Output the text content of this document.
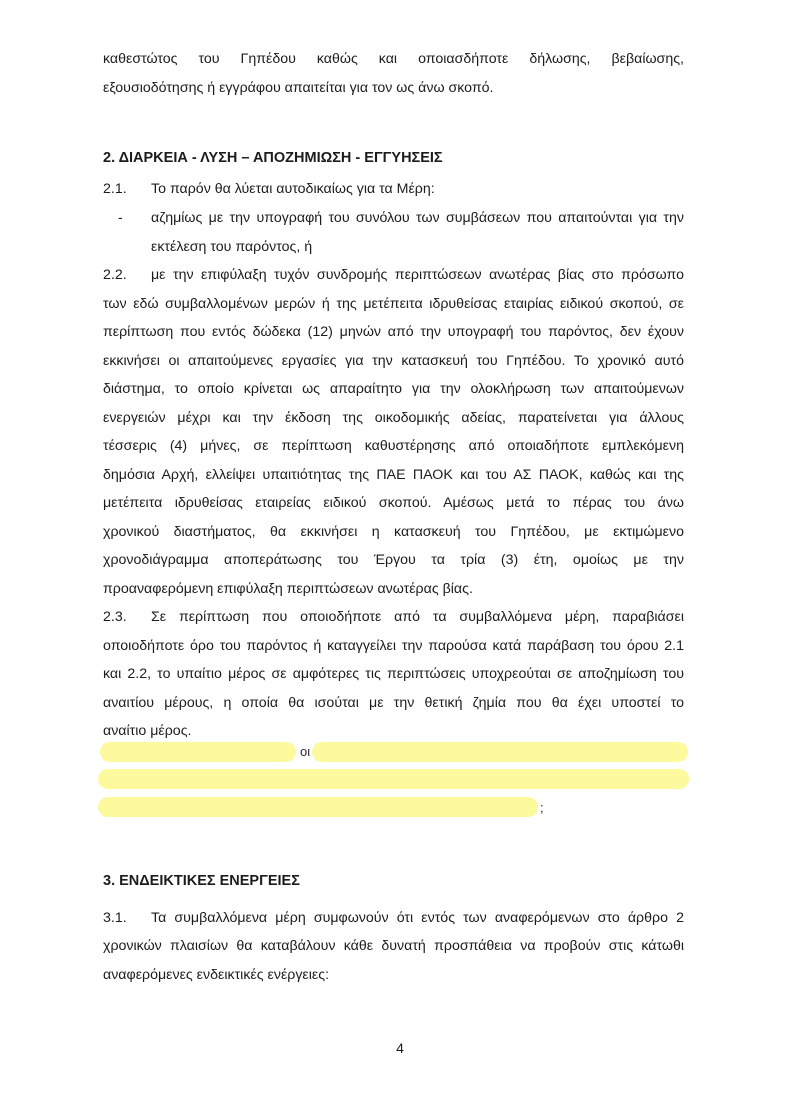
καθεστώτος του Γηπέδου καθώς και οποιασδήποτε δήλωσης, βεβαίωσης,
εξουσιοδότησης ή εγγράφου απαιτείται για τον ως άνω σκοπό.
2. ΔΙΑΡΚΕΙΑ - ΛΥΣΗ – ΑΠΟΖΗΜΙΩΣΗ - ΕΓΓΥΗΣΕΙΣ
2.1. Το παρόν θα λύεται αυτοδικαίως για τα Μέρη:
- αζημίως με την υπογραφή του συνόλου των συμβάσεων που απαιτούνται για την
εκτέλεση του παρόντος, ή
2.2. με την επιφύλαξη τυχόν συνδρομής περιπτώσεων ανωτέρας βίας στο πρόσωπο
των εδώ συμβαλλομένων μερών ή της μετέπειτα ιδρυθείσας εταιρίας ειδικού σκοπού, σε
περίπτωση που εντός δώδεκα (12) μηνών από την υπογραφή του παρόντος, δεν έχουν
εκκινήσει οι απαιτούμενες εργασίες για την κατασκευή του Γηπέδου. Το χρονικό αυτό
διάστημα, το οποίο κρίνεται ως απαραίτητο για την ολοκλήρωση των απαιτούμενων
ενεργειών μέχρι και την έκδοση της οικοδομικής αδείας, παρατείνεται για άλλους
τέσσερις (4) μήνες, σε περίπτωση καθυστέρησης από οποιαδήποτε εμπλεκόμενη
δημόσια Αρχή, ελλείψει υπαιτιότητας της ΠΑΕ ΠΑΟΚ και του ΑΣ ΠΑΟΚ, καθώς και της
μετέπειτα ιδρυθείσας εταιρείας ειδικού σκοπού. Αμέσως μετά το πέρας του άνω
χρονικού διαστήματος, θα εκκινήσει η κατασκευή του Γηπέδου, με εκτιμώμενο
χρονοδιάγραμμα αποπεράτωσης του Έργου τα τρία (3) έτη, ομοίως με την
προαναφερόμενη επιφύλαξη περιπτώσεων ανωτέρας βίας.
2.3. Σε περίπτωση που οποιοδήποτε από τα συμβαλλόμενα μέρη, παραβιάσει
οποιοδήποτε όρο του παρόντος ή καταγγείλει την παρούσα κατά παράβαση του όρου 2.1
και 2.2, το υπαίτιο μέρος σε αμφότερες τις περιπτώσεις υποχρεούται σε αποζημίωση του
αναιτίου μέρους, η οποία θα ισούται με την θετική ζημία που θα έχει υποστεί το
αναίτιο μέρος.
οι
;
3. ΕΝΔΕΙΚΤΙΚΕΣ ΕΝΕΡΓΕΙΕΣ
3.1. Τα συμβαλλόμενα μέρη συμφωνούν ότι εντός των αναφερόμενων στο άρθρο 2
χρονικών πλαισίων θα καταβάλουν κάθε δυνατή προσπάθεια να προβούν στις κάτωθι
αναφερόμενες ενδεικτικές ενέργειες:
4
